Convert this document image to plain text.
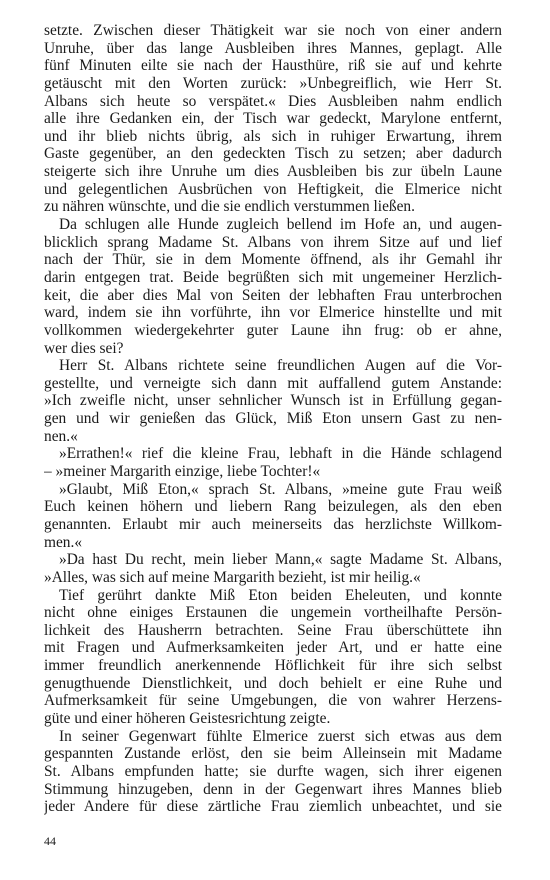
setzte. Zwischen dieser Thätigkeit war sie noch von einer andern
Unruhe, über das lange Ausbleiben ihres Mannes, geplagt. Alle
fünf Minuten eilte sie nach der Hausthüre, riß sie auf und kehrte
getäuscht mit den Worten zurück: »Unbegreiflich, wie Herr St.
Albans sich heute so verspätet.« Dies Ausbleiben nahm endlich
alle ihre Gedanken ein, der Tisch war gedeckt, Marylone entfernt,
und ihr blieb nichts übrig, als sich in ruhiger Erwartung, ihrem
Gaste gegenüber, an den gedeckten Tisch zu setzen; aber dadurch
steigerte sich ihre Unruhe um dies Ausbleiben bis zur übeln Laune
und gelegentlichen Ausbrüchen von Heftigkeit, die Elmerice nicht
zu nähren wünschte, und die sie endlich verstummen ließen.
Da schlugen alle Hunde zugleich bellend im Hofe an, und augen-
blicklich sprang Madame St. Albans von ihrem Sitze auf und lief
nach der Thür, sie in dem Momente öffnend, als ihr Gemahl ihr
darin entgegen trat. Beide begrüßten sich mit ungemeiner Herzlich-
keit, die aber dies Mal von Seiten der lebhaften Frau unterbrochen
ward, indem sie ihn vorführte, ihn vor Elmerice hinstellte und mit
vollkommen wiedergekehrter guter Laune ihn frug: ob er ahne,
wer dies sei?
Herr St. Albans richtete seine freundlichen Augen auf die Vor-
gestellte, und verneigte sich dann mit auffallend gutem Anstande:
»Ich zweifle nicht, unser sehnlicher Wunsch ist in Erfüllung gegan-
gen und wir genießen das Glück, Miß Eton unsern Gast zu nen-
nen.«
»Errathen!« rief die kleine Frau, lebhaft in die Hände schlagend
– »meiner Margarith einzige, liebe Tochter!«
»Glaubt, Miß Eton,« sprach St. Albans, »meine gute Frau weiß
Euch keinen höhern und liebern Rang beizulegen, als den eben
genannten. Erlaubt mir auch meinerseits das herzlichste Willkom-
men.«
»Da hast Du recht, mein lieber Mann,« sagte Madame St. Albans,
»Alles, was sich auf meine Margarith bezieht, ist mir heilig.«
Tief gerührt dankte Miß Eton beiden Eheleuten, und konnte
nicht ohne einiges Erstaunen die ungemein vortheilhafte Persön-
lichkeit des Hausherrn betrachten. Seine Frau überschüttete ihn
mit Fragen und Aufmerksamkeiten jeder Art, und er hatte eine
immer freundlich anerkennende Höflichkeit für ihre sich selbst
genugthuende Dienstlichkeit, und doch behielt er eine Ruhe und
Aufmerksamkeit für seine Umgebungen, die von wahrer Herzens-
güte und einer höheren Geistesrichtung zeigte.
In seiner Gegenwart fühlte Elmerice zuerst sich etwas aus dem
gespannten Zustande erlöst, den sie beim Alleinsein mit Madame
St. Albans empfunden hatte; sie durfte wagen, sich ihrer eigenen
Stimmung hinzugeben, denn in der Gegenwart ihres Mannes blieb
jeder Andere für diese zärtliche Frau ziemlich unbeachtet, und sie
44
